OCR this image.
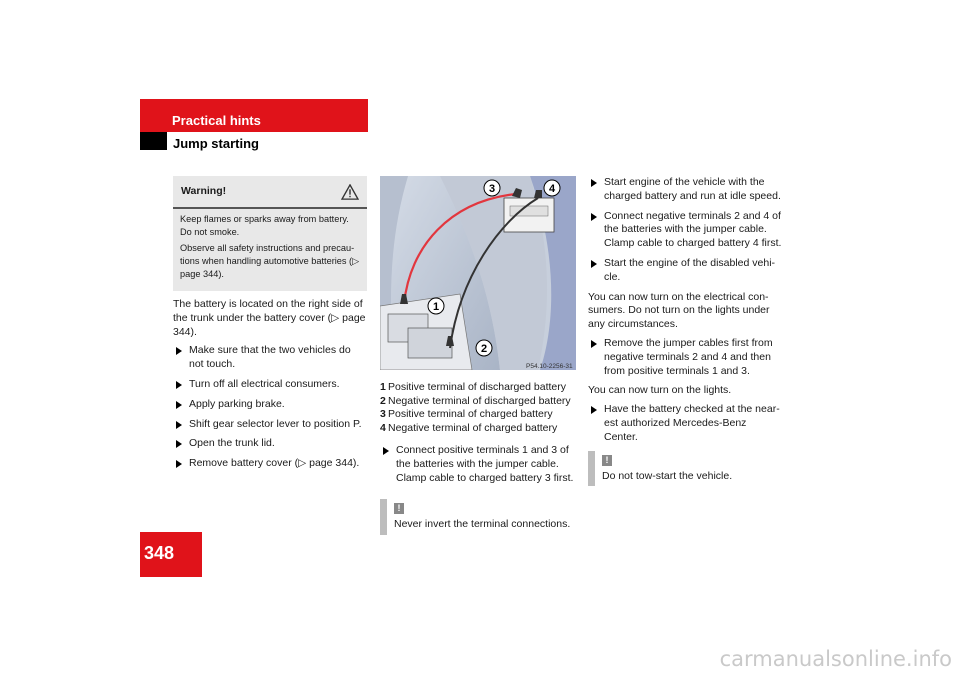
Practical hints
Jump starting
348
Warning!

Keep flames or sparks away from battery. Do not smoke.

Observe all safety instructions and precau-tions when handling automotive batteries (▷ page 344).

The battery is located on the right side of the trunk under the battery cover (▷ page 344).

Make sure that the two vehicles do not touch.
Turn off all electrical consumers.
Apply parking brake.
Shift gear selector lever to position P.
Open the trunk lid.
Remove battery cover (▷ page 344).
1
2
3	4
P54.10-2256-31
1 Positive terminal of discharged battery
2 Negative terminal of discharged battery
3 Positive terminal of charged battery
4 Negative terminal of charged battery
Connect positive terminals 1 and 3 of the batteries with the jumper cable. Clamp cable to charged battery 3 first.
!
Never invert the terminal connections.
Start engine of the vehicle with the charged battery and run at idle speed.
Connect negative terminals 2 and 4 of the batteries with the jumper cable. Clamp cable to charged battery 4 first.
Start the engine of the disabled vehi-cle.

You can now turn on the electrical con-sumers. Do not turn on the lights under any circumstances.

Remove the jumper cables first from negative terminals 2 and 4 and then from positive terminals 1 and 3.

You can now turn on the lights.

Have the battery checked at the near-est authorized Mercedes-Benz Center.
!
Do not tow-start the vehicle.
carmanualsonline.info
